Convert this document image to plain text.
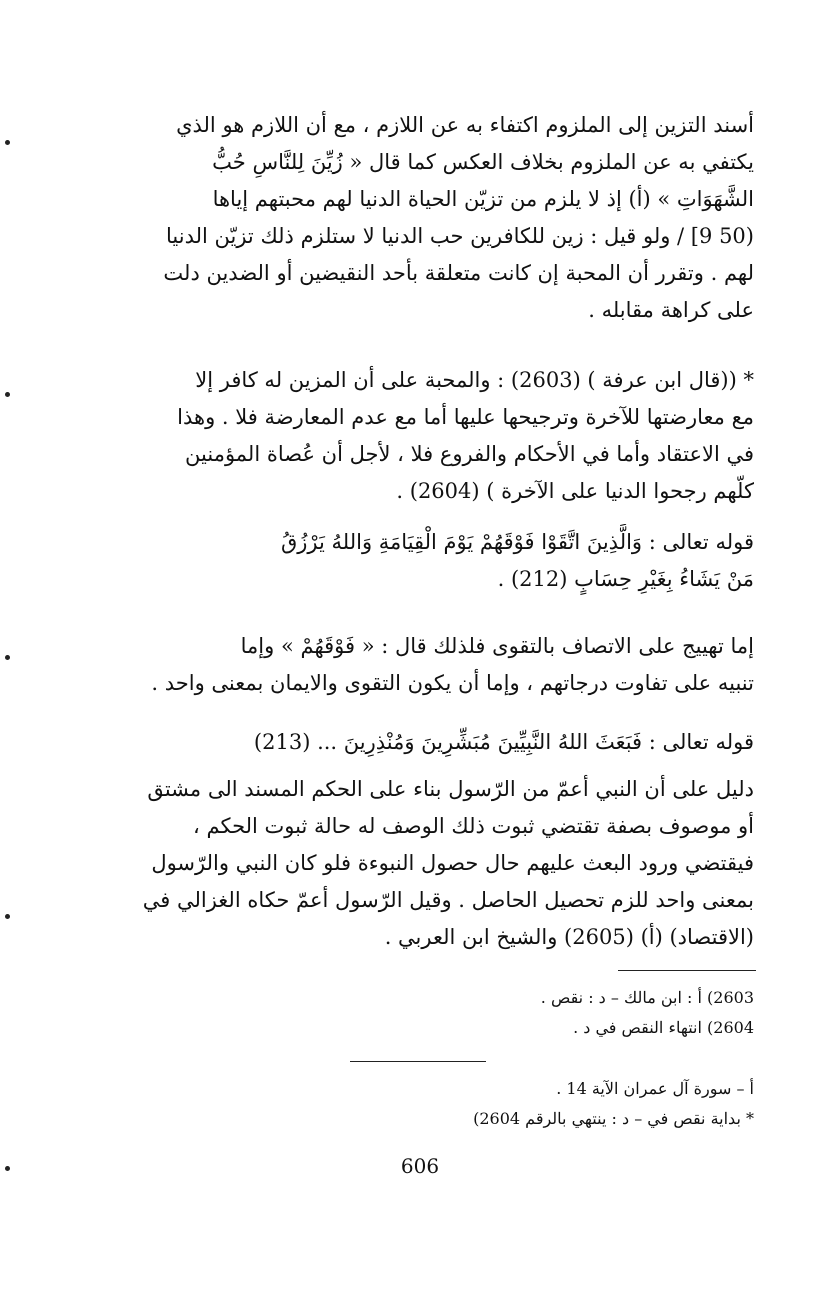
أسند التزين إلى الملزوم اكتفاء به عن اللازم ، مع أن اللازم هو الذي
يكتفي به عن الملزوم بخلاف العكس كما قال « زُيِّنَ لِلنَّاسِ حُبُّ
الشَّهَوَاتِ » (أ) إذ لا يلزم من تزيّن الحياة الدنيا لهم محبتهم إياها
(50 9] / ولو قيل : زين للكافرين حب الدنيا لا ستلزم ذلك تزيّن الدنيا
لهم . وتقرر أن المحبة إن كانت متعلقة بأحد النقيضين أو الضدين دلت
على كراهة مقابله .
* ((قال ابن عرفة ) (2603) : والمحبة على أن المزين له كافر إلا
مع معارضتها للآخرة وترجيحها عليها أما مع عدم المعارضة فلا . وهذا
في الاعتقاد وأما في الأحكام والفروع فلا ، لأجل أن عُصاة المؤمنين
كلّهم رجحوا الدنيا على الآخرة ) (2604) .
قوله تعالى : وَالَّذِينَ اتَّقَوْا فَوْقَهُمْ يَوْمَ الْقِيَامَةِ وَاللهُ يَرْزُقُ
مَنْ يَشَاءُ بِغَيْرِ حِسَابٍ (212) .
إما تهييج على الاتصاف بالتقوى فلذلك قال : « فَوْقَهُمْ » وإما
تنبيه على تفاوت درجاتهم ، وإما أن يكون التقوى والايمان بمعنى واحد .
قوله تعالى : فَبَعَثَ اللهُ النَّبِيِّينَ مُبَشِّرِينَ وَمُنْذِرِينَ ... (213)
دليل على أن النبي أعمّ من الرّسول بناء على الحكم المسند الى مشتق
أو موصوف بصفة تقتضي ثبوت ذلك الوصف له حالة ثبوت الحكم ،
فيقتضي ورود البعث عليهم حال حصول النبوءة فلو كان النبي والرّسول
بمعنى واحد للزم تحصيل الحاصل . وقيل الرّسول أعمّ حكاه الغزالي في
(الاقتصاد) (أ) (2605) والشيخ ابن العربي .
2603) أ : ابن مالك – د : نقص .
2604) انتهاء النقص في د .
أ – سورة آل عمران الآية 14 .
* بداية نقص في – د : ينتهي بالرقم 2604)
606
